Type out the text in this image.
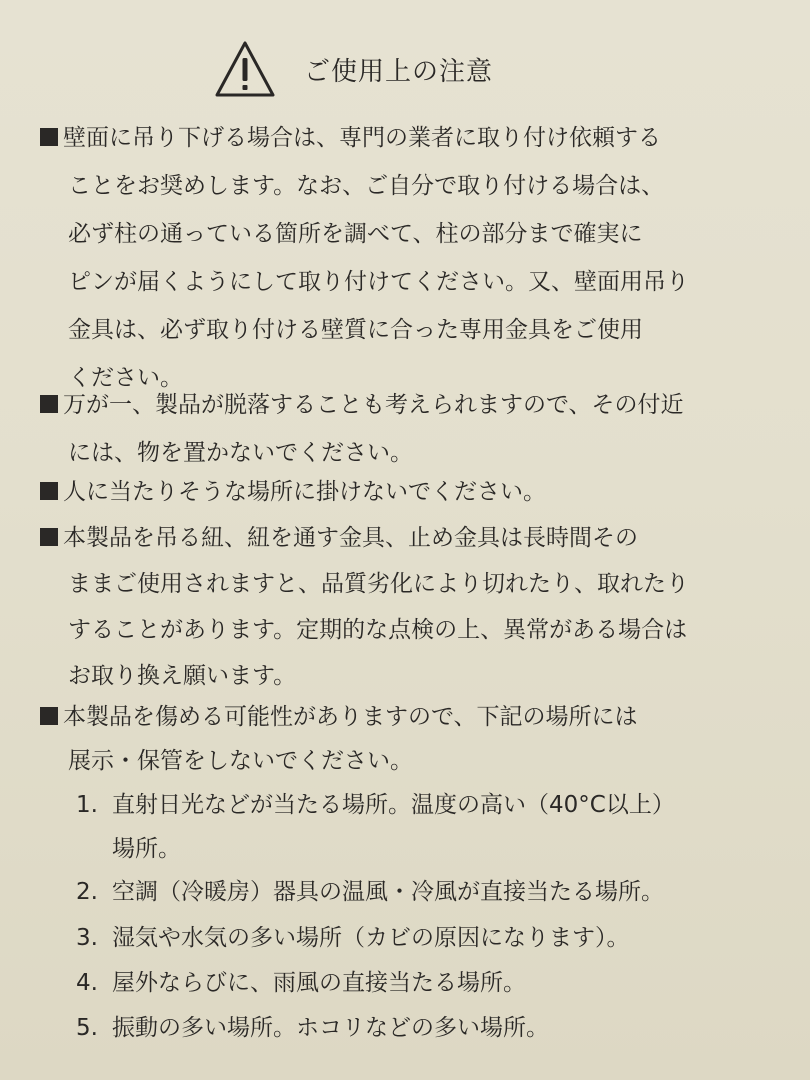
ご使用上の注意
壁面に吊り下げる場合は、専門の業者に取り付け依頼する
ことをお奨めします。なお、ご自分で取り付ける場合は、
必ず柱の通っている箇所を調べて、柱の部分まで確実に
ピンが届くようにして取り付けてください。又、壁面用吊り
金具は、必ず取り付ける壁質に合った専用金具をご使用
ください。
万が一、製品が脱落することも考えられますので、その付近
には、物を置かないでください。
人に当たりそうな場所に掛けないでください。
本製品を吊る紐、紐を通す金具、止め金具は長時間その
ままご使用されますと、品質劣化により切れたり、取れたり
することがあります。定期的な点検の上、異常がある場合は
お取り換え願います。
本製品を傷める可能性がありますので、下記の場所には
展示・保管をしないでください。
1. 直射日光などが当たる場所。温度の高い（40°C以上）
場所。
2. 空調（冷暖房）器具の温風・冷風が直接当たる場所。
3. 湿気や水気の多い場所（カビの原因になります）。
4. 屋外ならびに、雨風の直接当たる場所。
5. 振動の多い場所。ホコリなどの多い場所。
